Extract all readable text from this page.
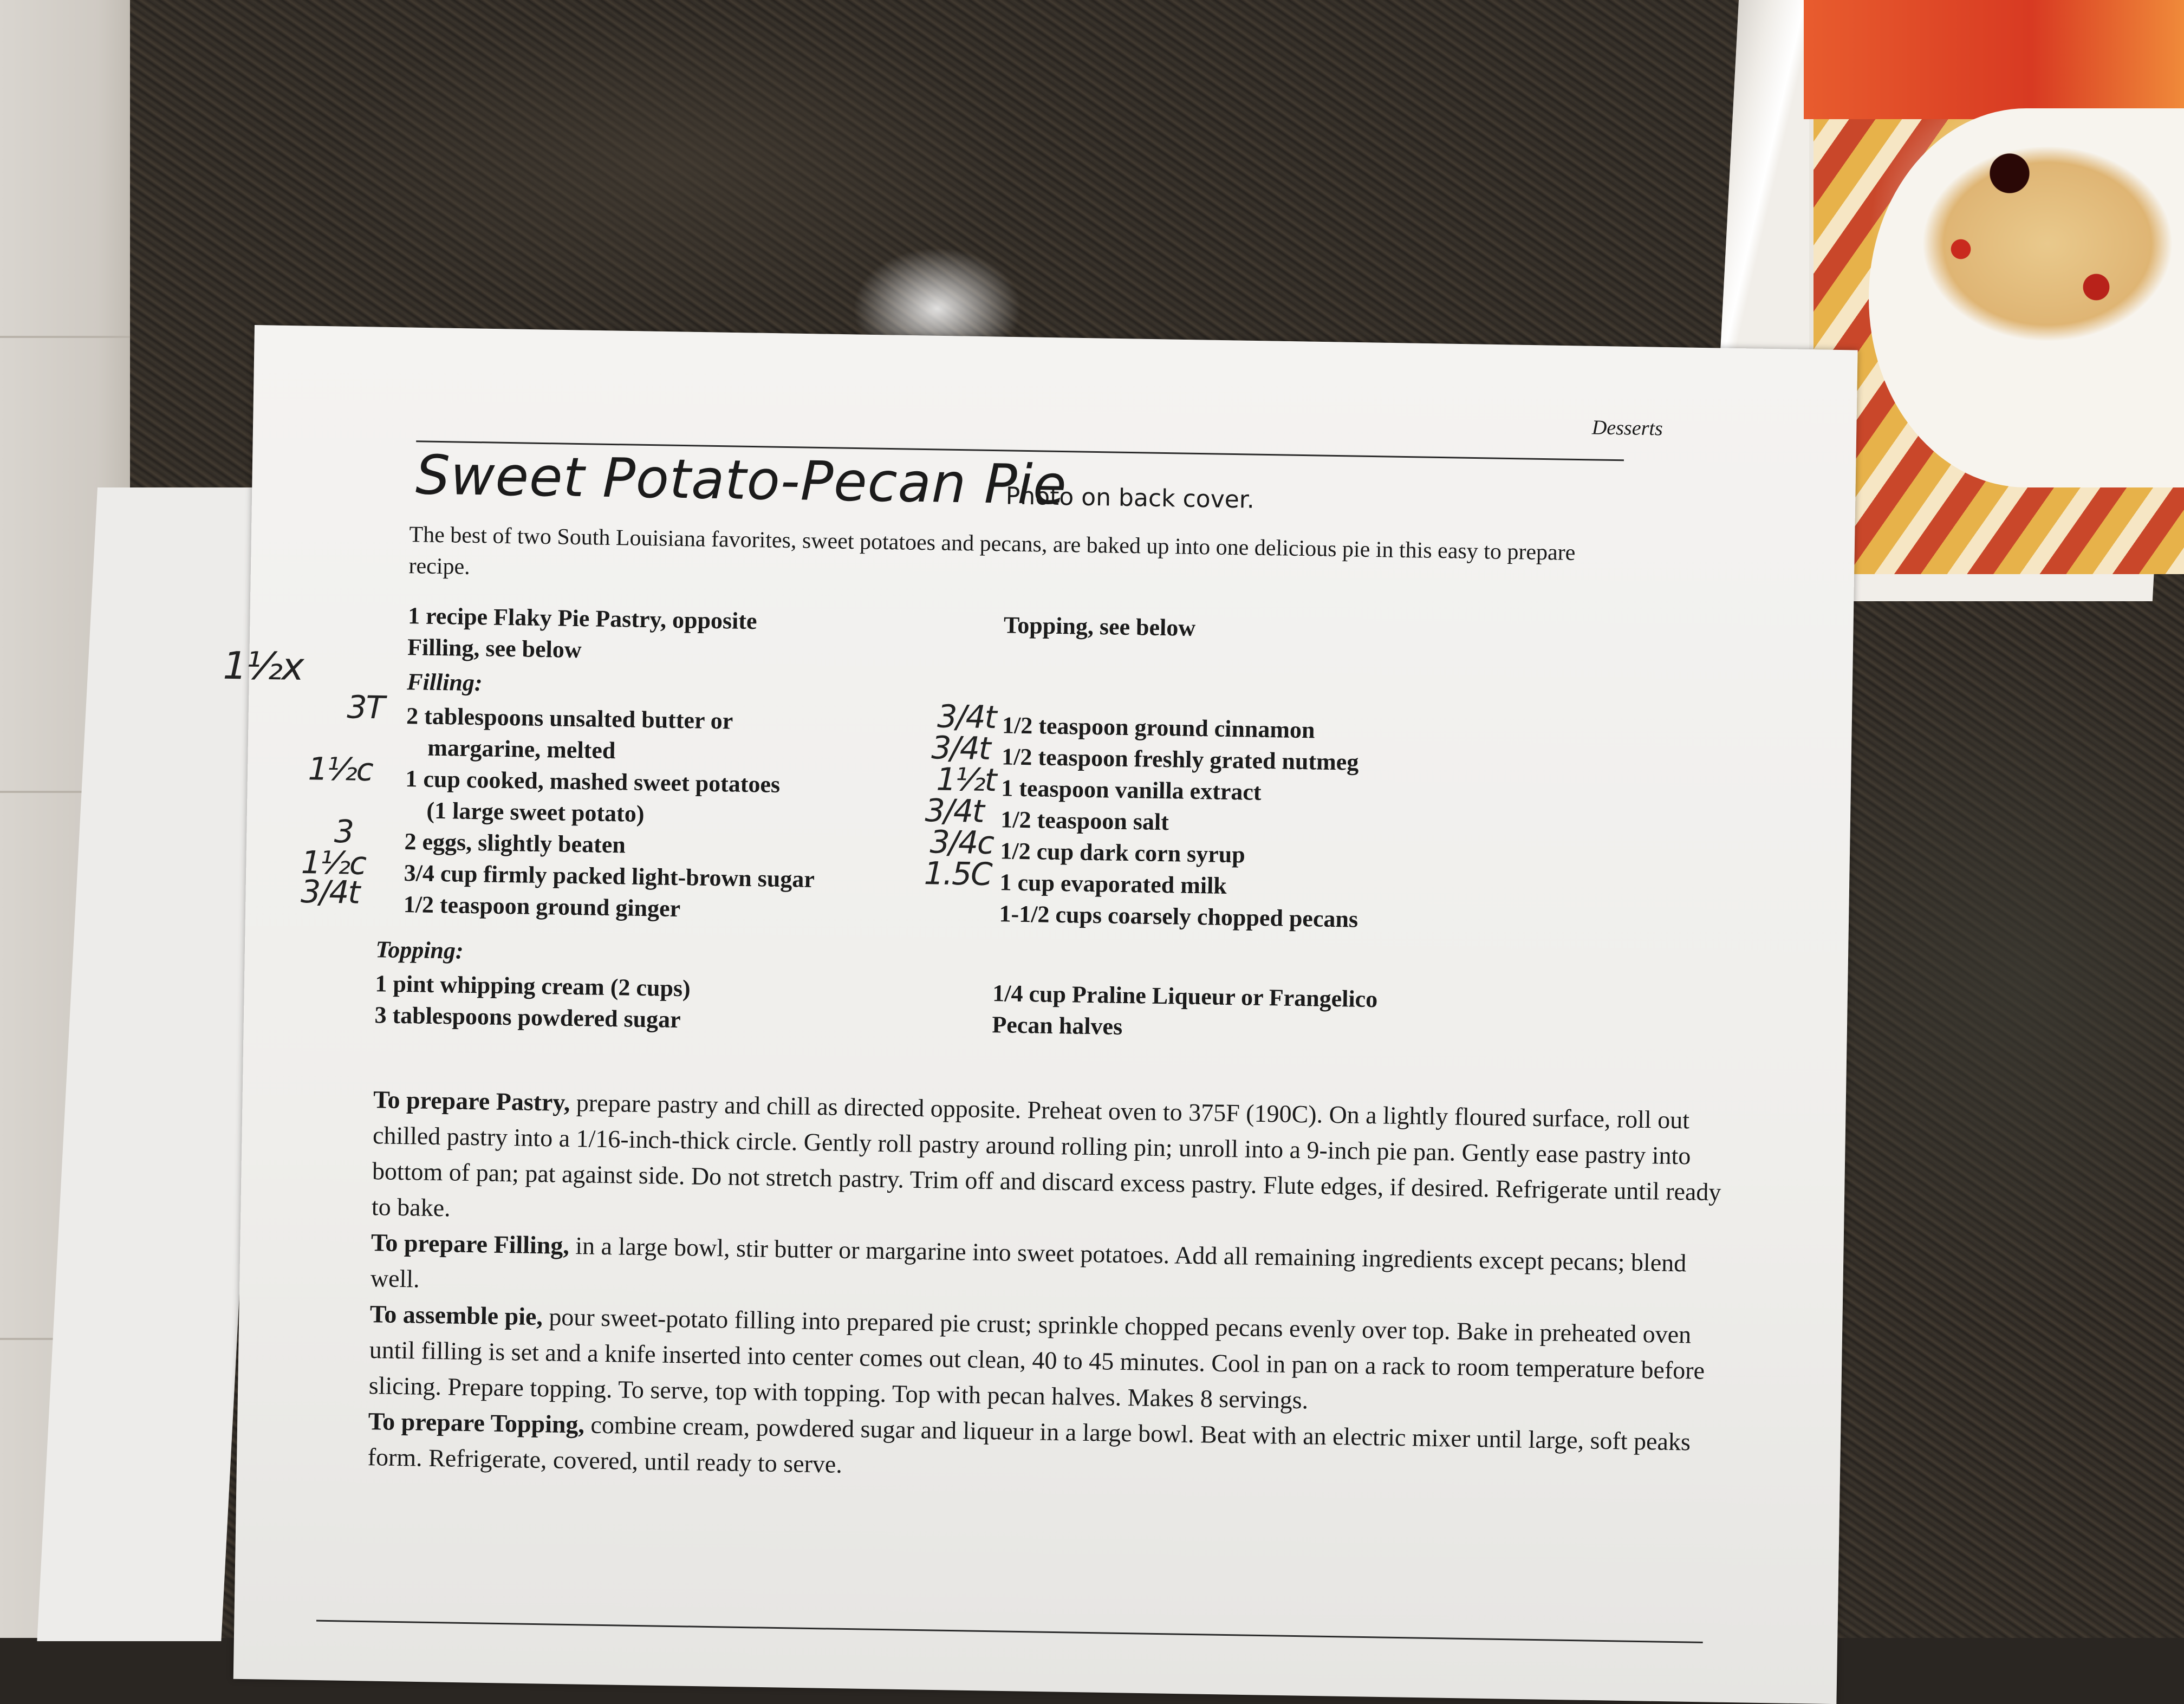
Desserts
Sweet Potato-Pecan Pie
Photo on back cover.
The best of two South Louisiana favorites, sweet potatoes and pecans, are baked up into one delicious pie in this easy to prepare recipe.
1 recipe Flaky Pie Pastry, opposite
Filling, see below
Topping, see below
Filling:
2 tablespoons unsalted butter or
margarine, melted
1 cup cooked, mashed sweet potatoes
(1 large sweet potato)
2 eggs, slightly beaten
3/4 cup firmly packed light-brown sugar
1/2 teaspoon ground ginger
1/2 teaspoon ground cinnamon
1/2 teaspoon freshly grated nutmeg
1 teaspoon vanilla extract
1/2 teaspoon salt
1/2 cup dark corn syrup
1 cup evaporated milk
1-1/2 cups coarsely chopped pecans
1½x
3T
1½c
3
1½c
3/4t
3/4t
3/4t
1½t
3/4t
3/4c
1.5C
Topping:
1 pint whipping cream (2 cups)
3 tablespoons powdered sugar
1/4 cup Praline Liqueur or Frangelico
Pecan halves

To prepare Pastry, prepare pastry and chill as directed opposite. Preheat oven to 375F (190C). On a lightly floured surface, roll out chilled pastry into a 1/16-inch-thick circle. Gently roll pastry around rolling pin; unroll into a 9-inch pie pan. Gently ease pastry into bottom of pan; pat against side. Do not stretch pastry. Trim off and discard excess pastry. Flute edges, if desired. Refrigerate until ready to bake.

To prepare Filling, in a large bowl, stir butter or margarine into sweet potatoes. Add all remaining ingredients except pecans; blend well.

To assemble pie, pour sweet-potato filling into prepared pie crust; sprinkle chopped pecans evenly over top. Bake in preheated oven until filling is set and a knife inserted into center comes out clean, 40 to 45 minutes. Cool in pan on a rack to room temperature before slicing. Prepare topping. To serve, top with topping. Top with pecan halves. Makes 8 servings.

To prepare Topping, combine cream, powdered sugar and liqueur in a large bowl. Beat with an electric mixer until large, soft peaks form. Refrigerate, covered, until ready to serve.
